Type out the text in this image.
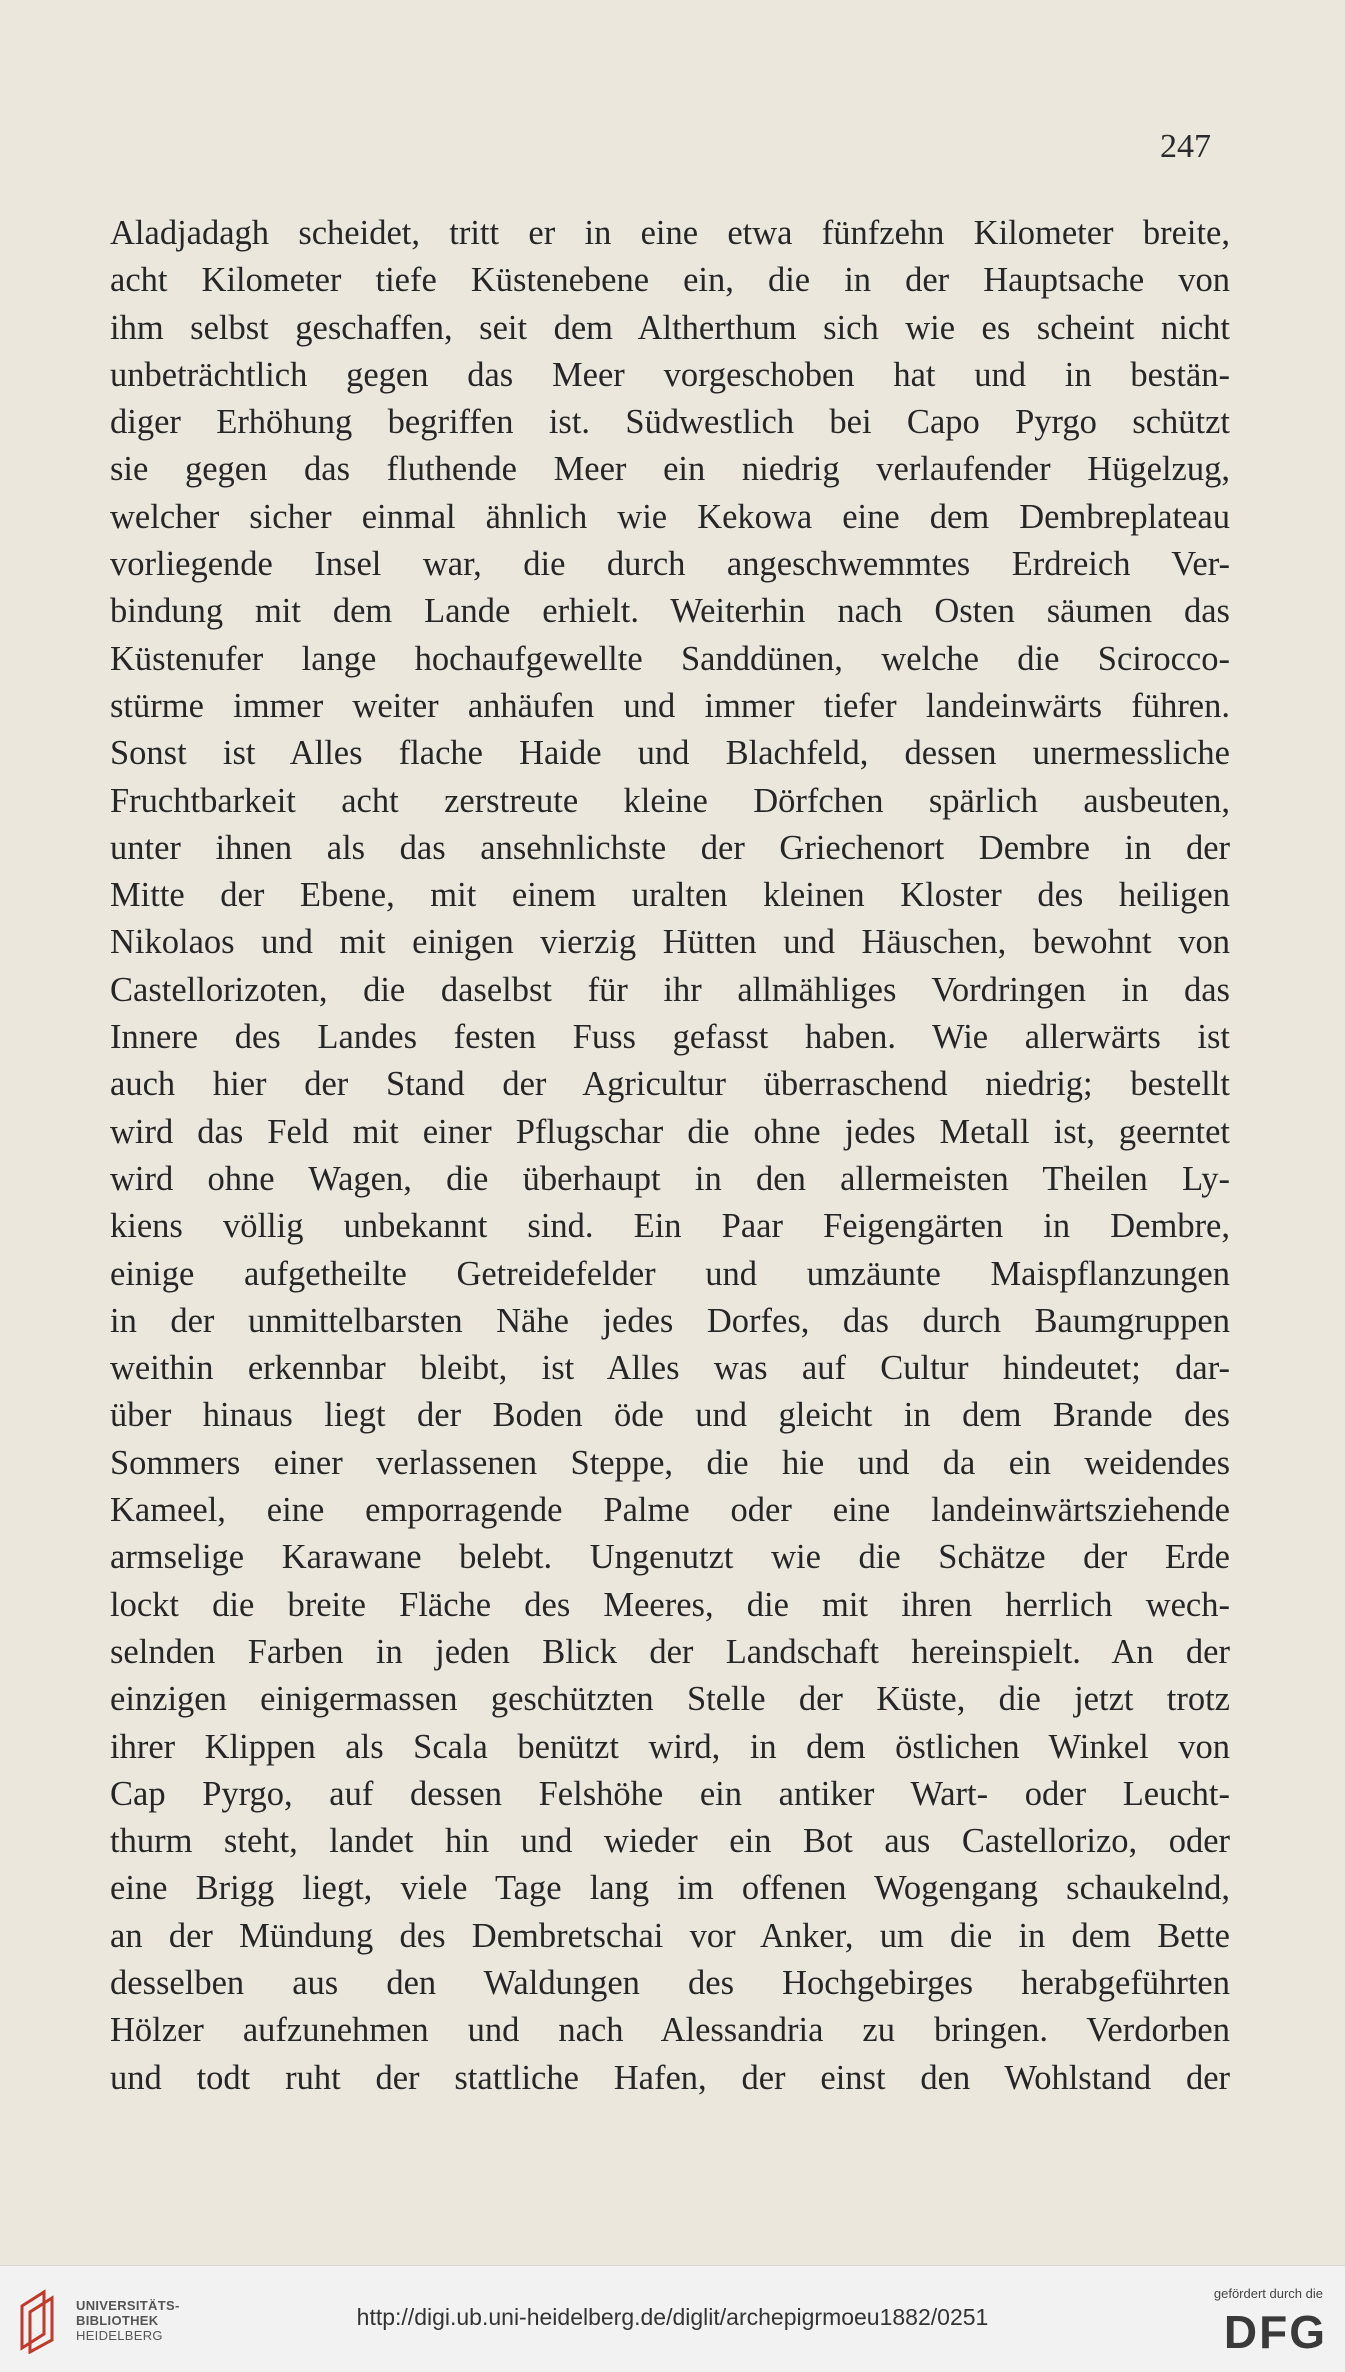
247
Aladjadagh scheidet, tritt er in eine etwa fünfzehn Kilometer breite,
acht Kilometer tiefe Küstenebene ein, die in der Hauptsache von
ihm selbst geschaffen, seit dem Altherthum sich wie es scheint nicht
unbeträchtlich gegen das Meer vorgeschoben hat und in bestän-
diger Erhöhung begriffen ist. Südwestlich bei Capo Pyrgo schützt
sie gegen das fluthende Meer ein niedrig verlaufender Hügelzug,
welcher sicher einmal ähnlich wie Kekowa eine dem Dembreplateau
vorliegende Insel war, die durch angeschwemmtes Erdreich Ver-
bindung mit dem Lande erhielt. Weiterhin nach Osten säumen das
Küstenufer lange hochaufgewellte Sanddünen, welche die Scirocco-
stürme immer weiter anhäufen und immer tiefer landeinwärts führen.
Sonst ist Alles flache Haide und Blachfeld, dessen unermessliche
Fruchtbarkeit acht zerstreute kleine Dörfchen spärlich ausbeuten,
unter ihnen als das ansehnlichste der Griechenort Dembre in der
Mitte der Ebene, mit einem uralten kleinen Kloster des heiligen
Nikolaos und mit einigen vierzig Hütten und Häuschen, bewohnt von
Castellorizoten, die daselbst für ihr allmähliges Vordringen in das
Innere des Landes festen Fuss gefasst haben. Wie allerwärts ist
auch hier der Stand der Agricultur überraschend niedrig; bestellt
wird das Feld mit einer Pflugschar die ohne jedes Metall ist, geerntet
wird ohne Wagen, die überhaupt in den allermeisten Theilen Ly-
kiens völlig unbekannt sind. Ein Paar Feigengärten in Dembre,
einige aufgetheilte Getreidefelder und umzäunte Maispflanzungen
in der unmittelbarsten Nähe jedes Dorfes, das durch Baumgruppen
weithin erkennbar bleibt, ist Alles was auf Cultur hindeutet; dar-
über hinaus liegt der Boden öde und gleicht in dem Brande des
Sommers einer verlassenen Steppe, die hie und da ein weidendes
Kameel, eine emporragende Palme oder eine landeinwärtsziehende
armselige Karawane belebt. Ungenutzt wie die Schätze der Erde
lockt die breite Fläche des Meeres, die mit ihren herrlich wech-
selnden Farben in jeden Blick der Landschaft hereinspielt. An der
einzigen einigermassen geschützten Stelle der Küste, die jetzt trotz
ihrer Klippen als Scala benützt wird, in dem östlichen Winkel von
Cap Pyrgo, auf dessen Felshöhe ein antiker Wart- oder Leucht-
thurm steht, landet hin und wieder ein Bot aus Castellorizo, oder
eine Brigg liegt, viele Tage lang im offenen Wogengang schaukelnd,
an der Mündung des Dembretschai vor Anker, um die in dem Bette
desselben aus den Waldungen des Hochgebirges herabgeführten
Hölzer aufzunehmen und nach Alessandria zu bringen. Verdorben
und todt ruht der stattliche Hafen, der einst den Wohlstand der
UNIVERSITÄTS-
BIBLIOTHEK
HEIDELBERG
http://digi.ub.uni-heidelberg.de/diglit/archepigrmoeu1882/0251
gefördert durch die
DFG
